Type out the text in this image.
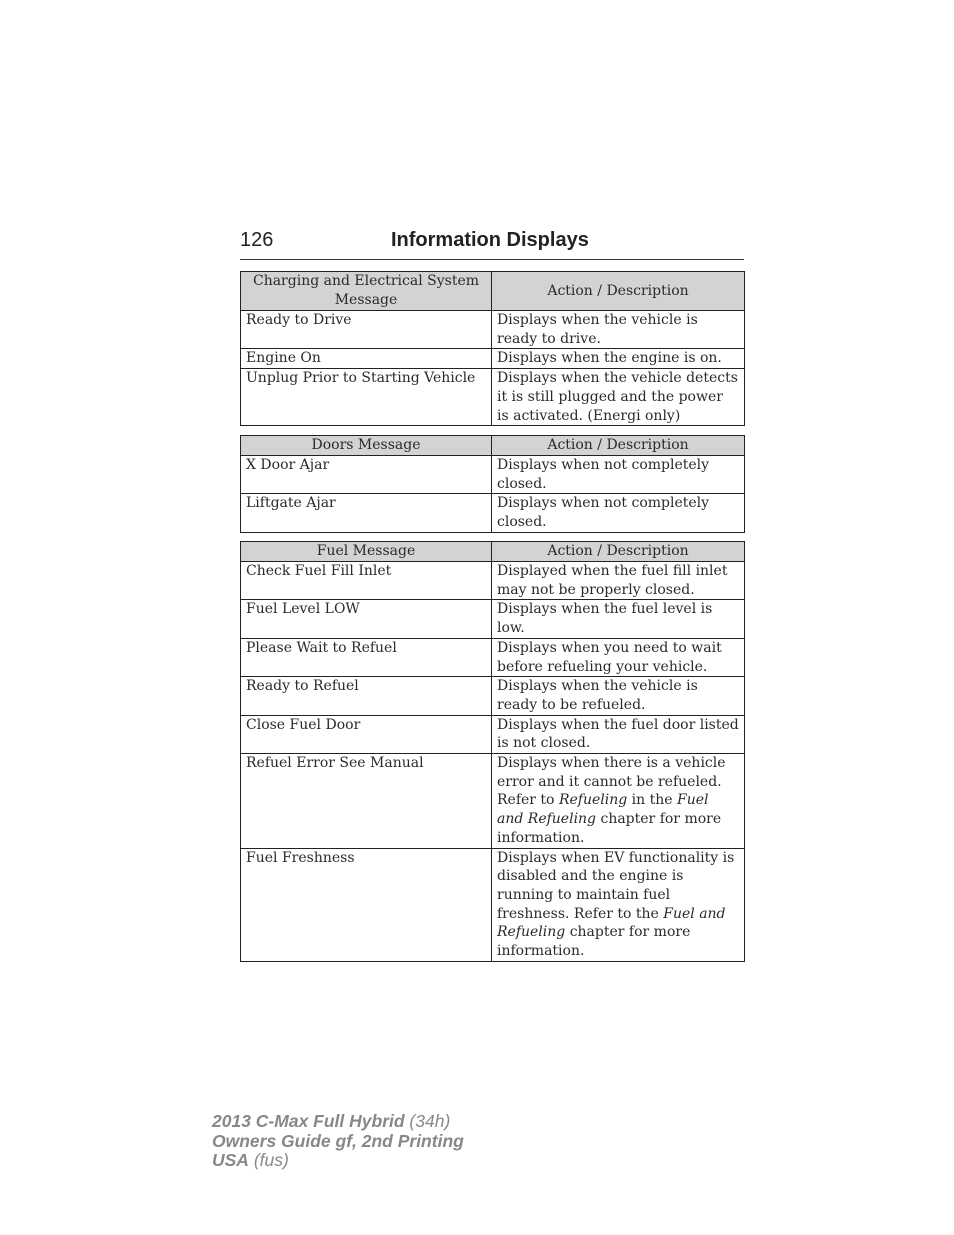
126	Information Displays
Charging and Electrical System Message	Action / Description
Ready to Drive	Displays when the vehicle is ready to drive.
Engine On	Displays when the engine is on.
Unplug Prior to Starting Vehicle	Displays when the vehicle detects it is still plugged and the power is activated. (Energi only)
Doors Message	Action / Description
X Door Ajar	Displays when not completely closed.
Liftgate Ajar	Displays when not completely closed.
Fuel Message	Action / Description
Check Fuel Fill Inlet	Displayed when the fuel fill inlet may not be properly closed.
Fuel Level LOW	Displays when the fuel level is low.
Please Wait to Refuel	Displays when you need to wait before refueling your vehicle.
Ready to Refuel	Displays when the vehicle is ready to be refueled.
Close Fuel Door	Displays when the fuel door listed is not closed.
Refuel Error See Manual	Displays when there is a vehicle error and it cannot be refueled. Refer to Refueling in the Fuel and Refueling chapter for more information.
Fuel Freshness	Displays when EV functionality is disabled and the engine is running to maintain fuel freshness. Refer to the Fuel and Refueling chapter for more information.
2013 C-Max Full Hybrid (34h)
Owners Guide gf, 2nd Printing
USA (fus)
